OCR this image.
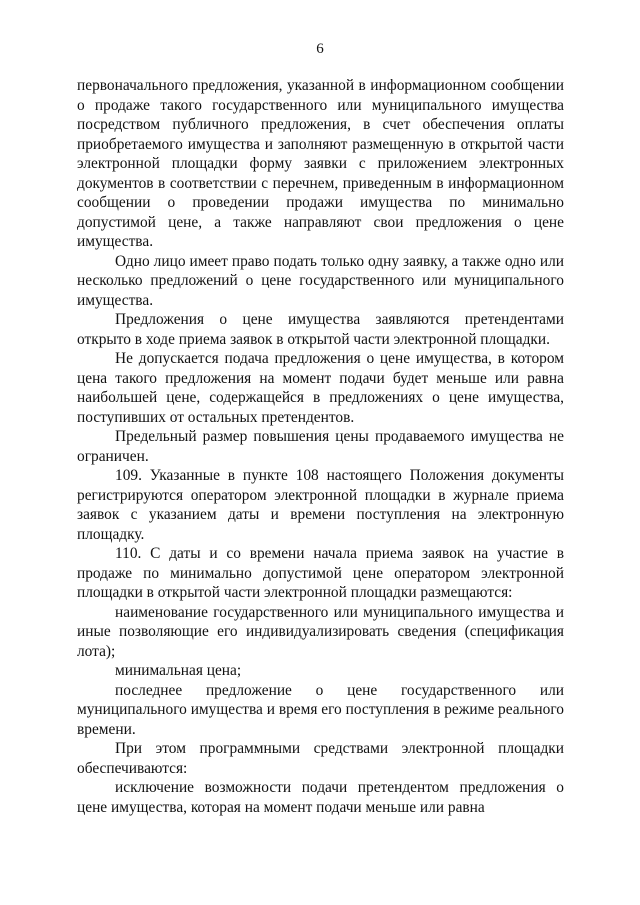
6

первоначального предложения, указанной в информационном сообщении о продаже такого государственного или муниципального имущества посредством публичного предложения, в счет обеспечения оплаты приобретаемого имущества и заполняют размещенную в открытой части электронной площадки форму заявки с приложением электронных документов в соответствии с перечнем, приведенным в информационном сообщении о проведении продажи имущества по минимально допустимой цене, а также направляют свои предложения о цене имущества.

Одно лицо имеет право подать только одну заявку, а также одно или несколько предложений о цене государственного или муниципального имущества.

Предложения о цене имущества заявляются претендентами открыто в ходе приема заявок в открытой части электронной площадки.

Не допускается подача предложения о цене имущества, в котором цена такого предложения на момент подачи будет меньше или равна наибольшей цене, содержащейся в предложениях о цене имущества, поступивших от остальных претендентов.

Предельный размер повышения цены продаваемого имущества не ограничен.

109. Указанные в пункте 108 настоящего Положения документы регистрируются оператором электронной площадки в журнале приема заявок с указанием даты и времени поступления на электронную площадку.

110. С даты и со времени начала приема заявок на участие в продаже по минимально допустимой цене оператором электронной площадки в открытой части электронной площадки размещаются:

наименование государственного или муниципального имущества и иные позволяющие его индивидуализировать сведения (спецификация лота);

минимальная цена;

последнее предложение о цене государственного или муниципального имущества и время его поступления в режиме реального времени.

При этом программными средствами электронной площадки обеспечиваются:

исключение возможности подачи претендентом предложения о цене имущества, которая на момент подачи меньше или равна
